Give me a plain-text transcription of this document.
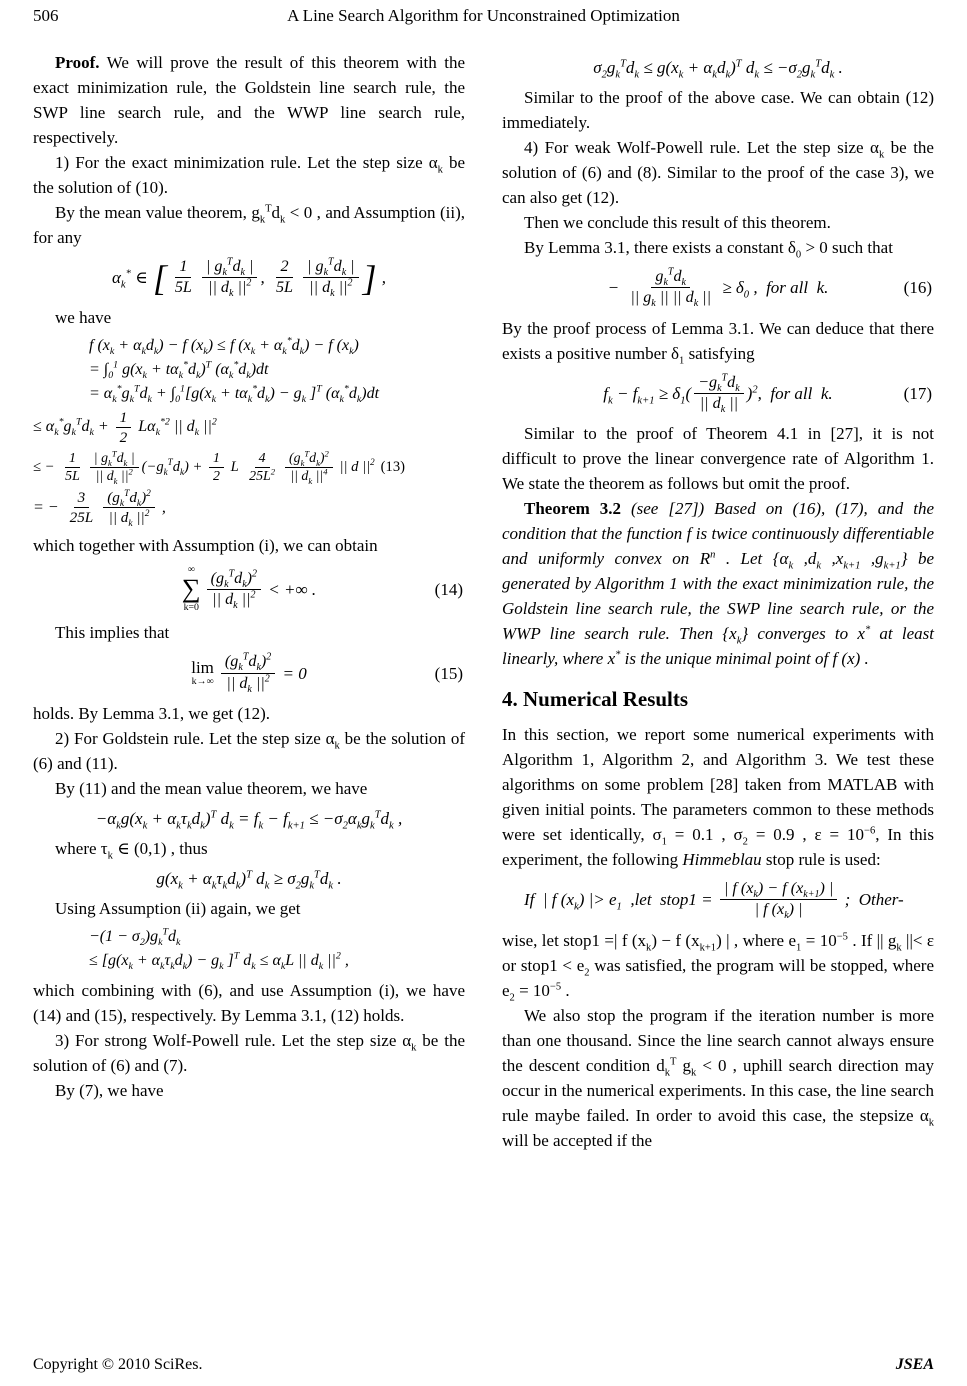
506	A Line Search Algorithm for Unconstrained Optimization

Proof. We will prove the result of this theorem with the exact minimization rule, the Goldstein line search rule, the SWP line search rule, and the WWP line search rule, respectively.

1) For the exact minimization rule. Let the step size $\alpha_k$ be the solution of (10).

By the mean value theorem, $g_k^Td_k < 0$ , and Assumption (ii), for any

$\alpha_k^*$ ∈ [ $\frac{1}{5L} \frac{| g_k^Td_k |}{|| d_k ||^2}$ , $\frac{2}{5L} \frac{| g_k^Td_k |}{|| d_k ||^2}$ ] ,

we have

f $(x_k + \alpha_kd_k) - f$ $(x_k) \le f$ $(x_k + \alpha_k^*d_k) - f$ $(x_k)$
= $\int_0^1$ $g(x_k + t\alpha_k^*d_k)^T$ $(\alpha_k^*d_k)dt$
= $\alpha_k^*g_k^Td_k + \int_0^1[g(x_k + t\alpha_k^*d_k) - g_k$ ]$^T$ $(\alpha_k^*d_k)dt$
≤ $\alpha_k^*g_k^Td_k + \frac{1}{2} L\alpha_k^{*2}$ || $d_k$ $||^2$
≤ − $\frac{1}{5L} \frac{| g_k^Td_k |}{|| d_k ||^2} (-g_k^Td_k) + \frac{1}{2}$ L $\frac{4}{25L^2} \frac{(g_k^Td_k)^2}{|| d_k ||^4}$ || d $||^2$ (13)
= − $\frac{3}{25L} \frac{(g_k^Td_k)^2}{|| d_k ||^2}$ ,

which together with Assumption (i), we can obtain

∞
∑
$k=0 \frac{(g_k^Td_k)^2}{|| d_k ||^2}$ < +∞ .	(14)

This implies that

lim
$k\to\infty \frac{(g_k^Td_k)^2}{|| d_k ||^2} = 0$	(15)

holds. By Lemma 3.1, we get (12).

2) For Goldstein rule. Let the step size $\alpha_k$ be the solution of (6) and (11).

By (11) and the mean value theorem, we have

$-\alpha_kg(x_k + \alpha_k\tau_kd_k)^T$ $d_k = f_k - f_{k+1} \le -\sigma_2\alpha_kg_k^Td_k$ ,

where $\tau_k$ ∈ (0,1) , thus

$g(x_k + \alpha_k\tau_kd_k)^T$ $d_k \ge \sigma_2g_k^Td_k$ .

Using Assumption (ii) again, we get

$-(1 - \sigma_2)g_k^Td_k$
≤ [$g(x_k + \alpha_k\tau_kd_k) - g_k$ ]$^T$ $d_k \le \alpha_kL$ || $d_k$ $||^2$ ,

which combining with (6), and use Assumption (i), we have (14) and (15), respectively. By Lemma 3.1, (12) holds.

3) For strong Wolf-Powell rule. Let the step size $\alpha_k$ be the solution of (6) and (7).

By (7), we have

$\sigma_2g_k^Td_k \le g(x_k + \alpha_kd_k)^T$ $d_k \le -\sigma_2g_k^Td_k$ .

Similar to the proof of the above case. We can obtain (12) immediately.

4) For weak Wolf-Powell rule. Let the step size $\alpha_k$ be the solution of (6) and (8). Similar to the proof of the case 3), we can also get (12).

Then we conclude this result of this theorem.

By Lemma 3.1, there exists a constant $\delta_0 > 0$ such that

− $\frac{g_k^Td_k}{|| g_k || || d_k ||} \ge \delta_0$ ,  for all  k.	(16)

By the proof process of Lemma 3.1. We can deduce that there exists a positive number $\delta_1$ satisfying

$f_k - f_{k+1} \ge \delta_1( \frac{-g_k^Td_k}{|| d_k ||} )^2$,  for all  k.	(17)

Similar to the proof of Theorem 4.1 in [27], it is not difficult to prove the linear convergence rate of Algorithm 1. We state the theorem as follows but omit the proof.

Theorem 3.2 (see [27]) Based on (16), (17), and the condition that the function f is twice continuously differentiable and uniformly convex on $R^n$ . Let {$\alpha_k$ $,d_k$ $,x_{k+1}$ $,g_{k+1}$} be generated by Algorithm 1 with the exact minimization rule, the Goldstein line search rule, the SWP line search rule, or the WWP line search rule. Then $\{x_k\}$ converges to x* at least linearly, where x* is the unique minimal point of f (x) .

4. Numerical Results

In this section, we report some numerical experiments with Algorithm 1, Algorithm 2, and Algorithm 3. We test these algorithms on some problem [28] taken from MATLAB with given initial points. The parameters common to these methods were set identically, $\sigma_1 = 0.1$ , $\sigma_2 = 0.9$ , $\varepsilon = 10^{-6}$, In this experiment, the following Himmeblau stop rule is used:

If  | f $(x_k)$ |> $e_1$  ,let  stop1 = $\frac{| f (x_k) - f (x_{k+1}) |}{| f (x_k) |}$ ;  Other-

wise, let stop1 =| f $(x_k) - f$ $(x_{k+1})$ | , where $e_1 = 10^{-5}$ . If || $g_k$ ||< ε or stop1 < $e_2$ was satisfied, the program will be stopped, where $e_2 = 10^{-5}$ .

We also stop the program if the iteration number is more than one thousand. Since the line search cannot always ensure the descent condition $d_k^T$ $g_k < 0$ , uphill search direction may occur in the numerical experiments. In this case, the line search rule maybe failed. In order to avoid this case, the stepsize $\alpha_k$ will be accepted if the

Copyright © 2010 SciRes.	JSEA
